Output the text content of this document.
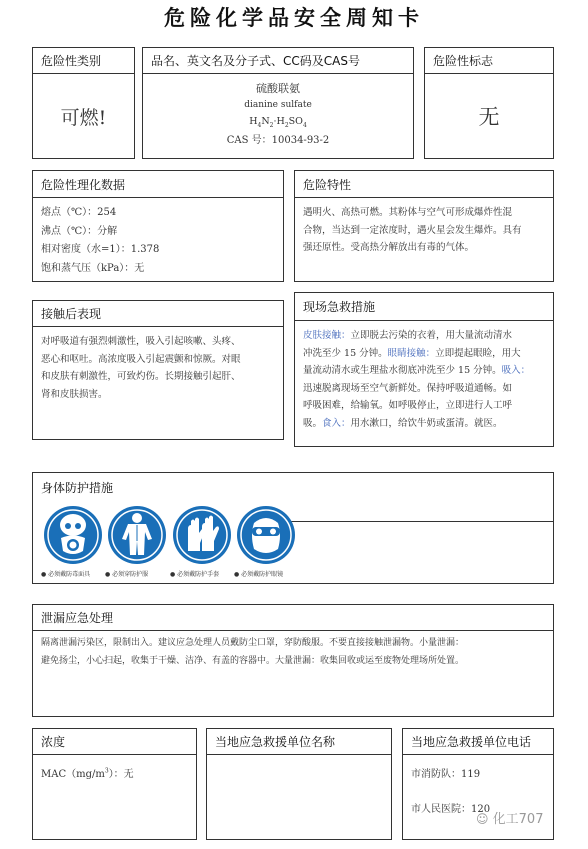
危险化学品安全周知卡
危险性类别
可燃!
品名、英文名及分子式、CC码及CAS号
硫酸联氨
dianine sulfate
$H_4N_2\cdot H_2SO_4$
CAS 号：10034-93-2
危险性标志
无
危险性理化数据
熔点（℃）：254
沸点（℃）：分解
相对密度（水=1）：1.378
饱和蒸气压（kPa）：无
危险特性
遇明火、高热可燃。其粉体与空气可形成爆炸性混
合物，当达到一定浓度时，遇火星会发生爆炸。具有
强还原性。受高热分解放出有毒的气体。
接触后表现
对呼吸道有强烈刺激性，吸入引起咳嗽、头疼、
恶心和呕吐。高浓度吸入引起震颤和惊厥。对眼
和皮肤有刺激性，可致灼伤。长期接触引起肝、
肾和皮肤损害。
现场急救措施
皮肤接触：立即脱去污染的衣着，用大量流动清水
冲洗至少 15 分钟。眼睛接触：立即提起眼睑，用大
量流动清水或生理盐水彻底冲洗至少 15 分钟。吸入：
迅速脱离现场至空气新鲜处。保持呼吸道通畅。如
呼吸困难，给输氧。如呼吸停止，立即进行人工呼
吸。食入：用水漱口，给饮牛奶或蛋清。就医。
身体防护措施
● 必须戴防毒面具 ● 必须穿防护服	● 必须戴防护手套 ● 必须戴防护眼镜
泄漏应急处理
隔离泄漏污染区，限制出入。建议应急处理人员戴防尘口罩，穿防酸服。不要直接接触泄漏物。小量泄漏：
避免扬尘，小心扫起，收集于干燥、洁净、有盖的容器中。大量泄漏：收集回收或运至废物处理场所处置。
浓度
$MAC(mg/m^3)$：无
当地应急救援单位名称	当地应急救援单位电话
市消防队：119
市人民医院：120
☺ 化工707
